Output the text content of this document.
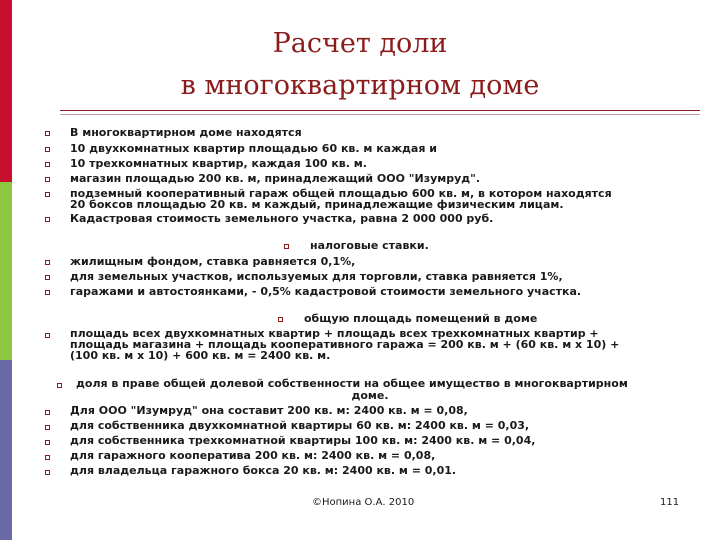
Расчет доли
в многоквартирном доме
В многоквартирном доме находятся
10 двухкомнатных квартир площадью 60 кв. м каждая и
10 трехкомнатных квартир, каждая 100 кв. м.
магазин площадью 200 кв. м, принадлежащий ООО "Изумруд".
подземный кооперативный гараж общей площадью 600 кв. м, в котором находятся
20 боксов площадью 20 кв. м каждый, принадлежащие физическим лицам.
Кадастровая стоимость земельного участка, равна 2 000 000 руб.
налоговые ставки.
жилищным фондом, ставка равняется 0,1%,
для земельных участков, используемых для торговли, ставка равняется 1%,
гаражами и автостоянками, - 0,5% кадастровой стоимости земельного участка.
общую площадь помещений в доме
площадь всех двухкомнатных квартир + площадь всех трехкомнатных квартир +
площадь магазина + площадь кооперативного гаража = 200 кв. м + (60 кв. м х 10) +
(100 кв. м х 10) + 600 кв. м = 2400 кв. м.
доля в праве общей долевой собственности на общее имущество в многоквартирном
доме.
Для ООО "Изумруд" она составит 200 кв. м: 2400 кв. м = 0,08,
для собственника двухкомнатной квартиры 60 кв. м: 2400 кв. м = 0,03,
для собственника трехкомнатной квартиры 100 кв. м: 2400 кв. м = 0,04,
для гаражного кооператива 200 кв. м: 2400 кв. м = 0,08,
для владельца гаражного бокса 20 кв. м: 2400 кв. м = 0,01.
©Нопина О.А. 2010	111
